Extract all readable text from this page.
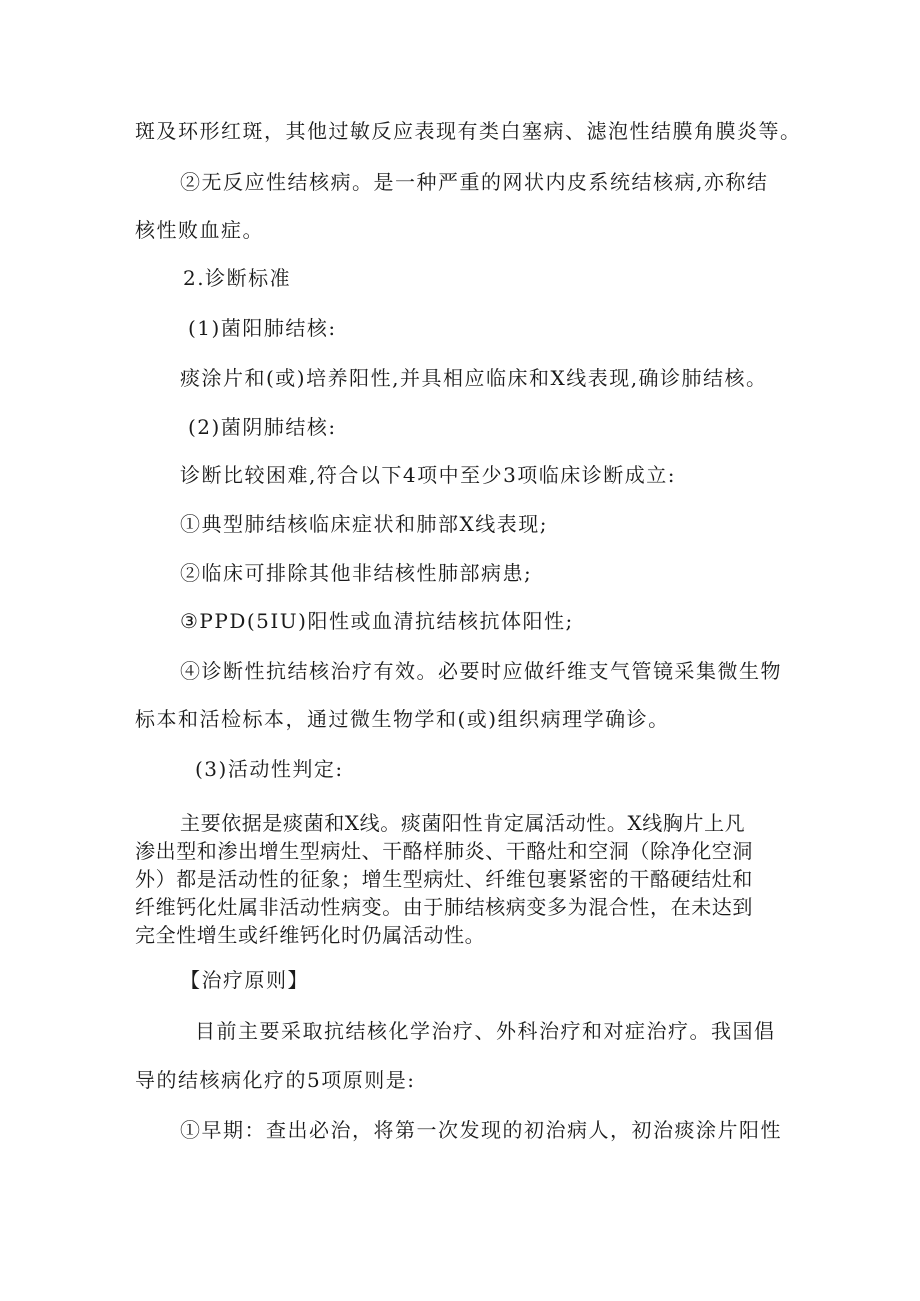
斑及环形红斑，其他过敏反应表现有类白塞病、滤泡性结膜角膜炎等。
②无反应性结核病。是一种严重的网状内皮系统结核病,亦称结
核性败血症。
2.诊断标准
(1)菌阳肺结核:
痰涂片和(或)培养阳性,并具相应临床和X线表现,确诊肺结核。
(2)菌阴肺结核:
诊断比较困难,符合以下4项中至少3项临床诊断成立:
①典型肺结核临床症状和肺部X线表现;
②临床可排除其他非结核性肺部病患;
③PPD(5IU)阳性或血清抗结核抗体阳性;
④诊断性抗结核治疗有效。必要时应做纤维支气管镜采集微生物
标本和活检标本，通过微生物学和(或)组织病理学确诊。
(3)活动性判定:
主要依据是痰菌和X线。痰菌阳性肯定属活动性。X线胸片上凡
渗出型和渗出增生型病灶、干酪样肺炎、干酪灶和空洞（除净化空洞
外）都是活动性的征象；增生型病灶、纤维包裹紧密的干酪硬结灶和
纤维钙化灶属非活动性病变。由于肺结核病变多为混合性，在未达到
完全性增生或纤维钙化时仍属活动性。
【治疗原则】
目前主要采取抗结核化学治疗、外科治疗和对症治疗。我国倡
导的结核病化疗的5项原则是:
①早期：查出必治，将第一次发现的初治病人，初治痰涂片阳性
